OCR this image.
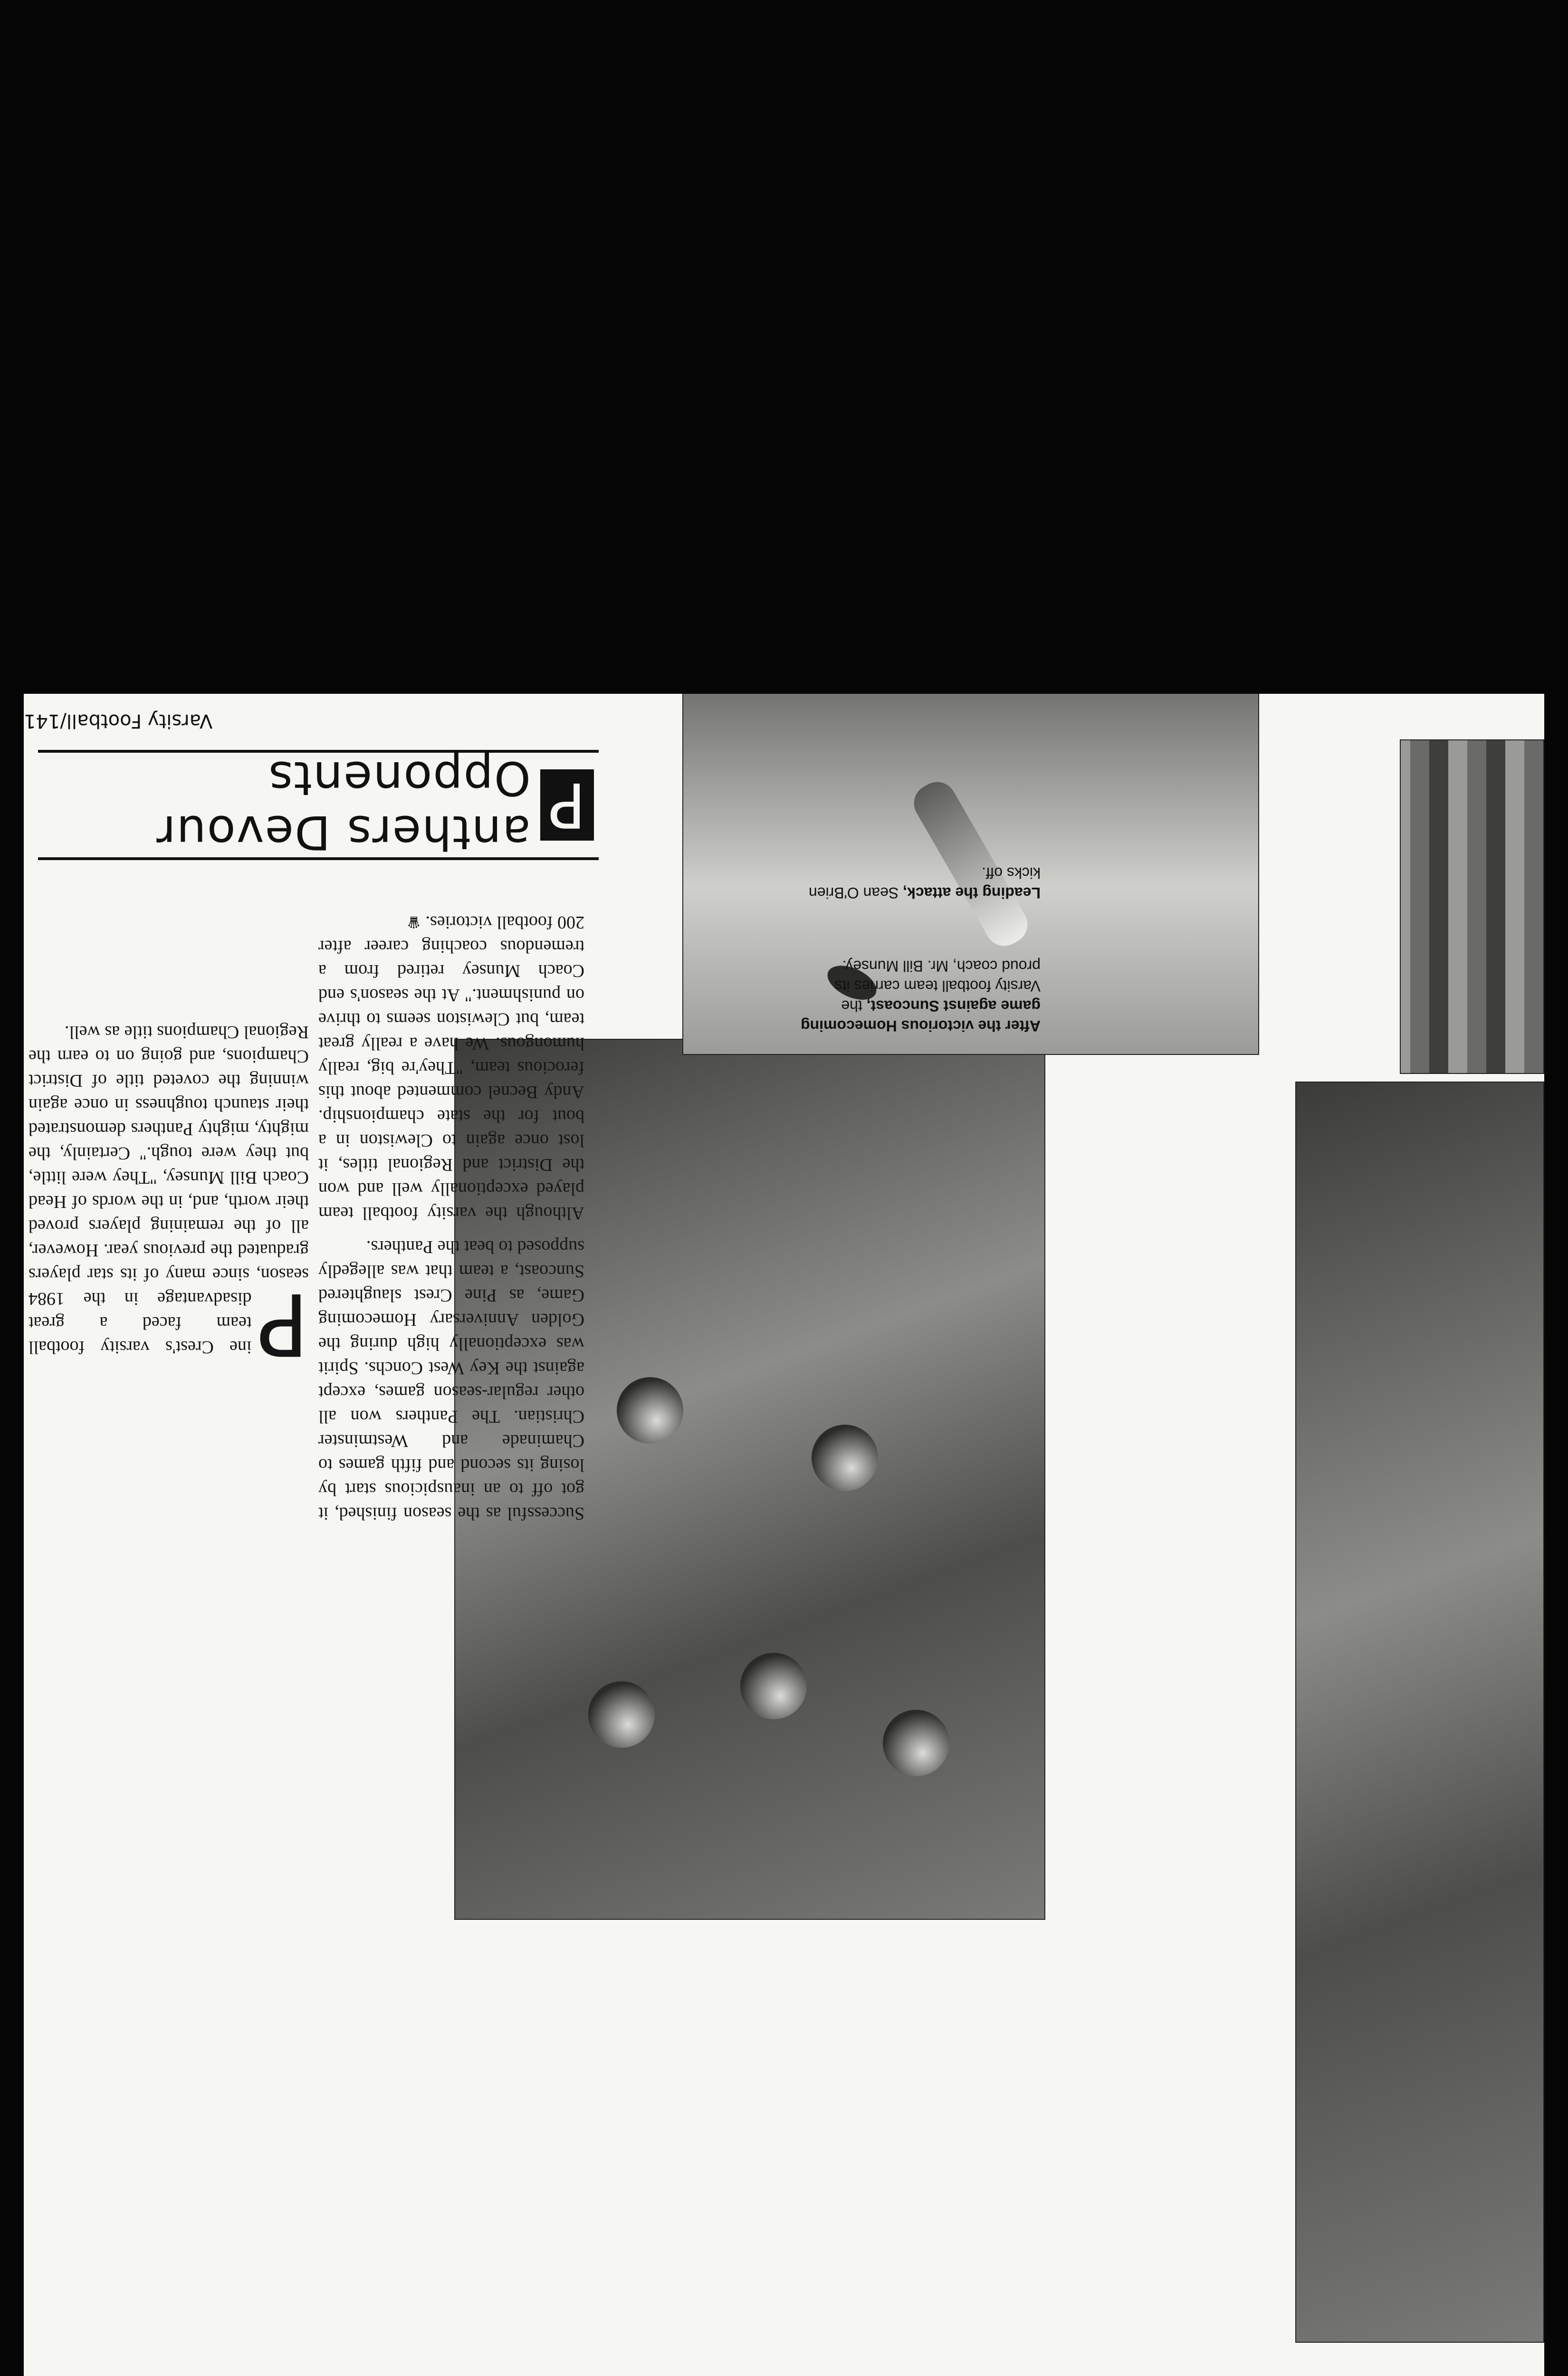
P
anthers Devour Opponents
P
ine Crest's varsity football team faced a great disadvantage in the 1984 season, since many of its star players graduated the previous year. However, all of the remaining players proved their worth, and, in the words of Head Coach Bill Munsey, "They were little, but they were tough." Certainly, the mighty, mighty Panthers demonstrated their staunch toughness in once again winning the coveted title of District Champions, and going on to earn the Regional Champions title as well.

Successful as the season finished, it got off to an inauspicious start by losing its second and fifth games to Chaminade and Westminster Christian. The Panthers won all other regular-season games, except against the Key West Conchs. Spirit was exceptionally high during the Golden Anniversary Homecoming Game, as Pine Crest slaughtered Suncoast, a team that was allegedly supposed to beat the Panthers.

Although the varsity football team played exceptionally well and won the District and Regional titles, it lost once again to Clewiston in a bout for the state championship. Andy Becnel commented about this ferocious team, "They're big, really humongous. We have a really great team, but Clewiston seems to thrive on punishment." At the season's end Coach Munsey retired from a tremendous coaching career after 200 football victories. ♛

After the victorious Homecoming game against Suncoast, the Varsity football team carries its proud coach, Mr. Bill Munsey.
Leading the attack, Sean O'Brien kicks off.
Varsity Football/141
